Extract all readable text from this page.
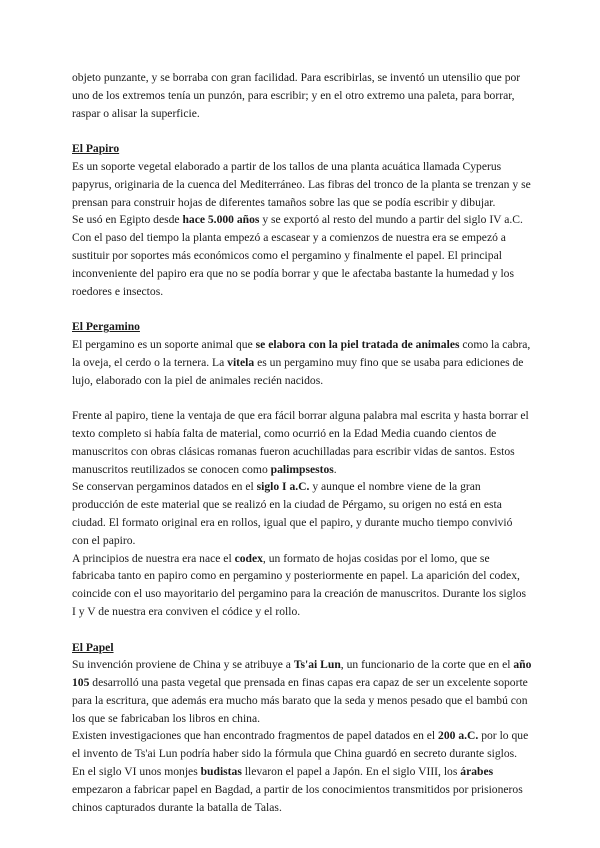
objeto punzante, y se borraba con gran facilidad. Para escribirlas, se inventó un utensilio que por uno de los extremos tenía un punzón, para escribir; y en el otro extremo una paleta, para borrar, raspar o alisar la superficie.

El Papiro

Es un soporte vegetal elaborado a partir de los tallos de una planta acuática llamada Cyperus papyrus, originaria de la cuenca del Mediterráneo. Las fibras del tronco de la planta se trenzan y se prensan para construir hojas de diferentes tamaños sobre las que se podía escribir y dibujar.

Se usó en Egipto desde hace 5.000 años y se exportó al resto del mundo a partir del siglo IV a.C. Con el paso del tiempo la planta empezó a escasear y a comienzos de nuestra era se empezó a sustituir por soportes más económicos como el pergamino y finalmente el papel. El principal inconveniente del papiro era que no se podía borrar y que le afectaba bastante la humedad y los roedores e insectos.

El Pergamino

El pergamino es un soporte animal que se elabora con la piel tratada de animales como la cabra, la oveja, el cerdo o la ternera. La vitela es un pergamino muy fino que se usaba para ediciones de lujo, elaborado con la piel de animales recién nacidos.

Frente al papiro, tiene la ventaja de que era fácil borrar alguna palabra mal escrita y hasta borrar el texto completo si había falta de material, como ocurrió en la Edad Media cuando cientos de manuscritos con obras clásicas romanas fueron acuchilladas para escribir vidas de santos. Estos manuscritos reutilizados se conocen como palimpsestos.

Se conservan pergaminos datados en el siglo I a.C. y aunque el nombre viene de la gran producción de este material que se realizó en la ciudad de Pérgamo, su origen no está en esta ciudad. El formato original era en rollos, igual que el papiro, y durante mucho tiempo convivió con el papiro.

A principios de nuestra era nace el codex, un formato de hojas cosidas por el lomo, que se fabricaba tanto en papiro como en pergamino y posteriormente en papel. La aparición del codex, coincide con el uso mayoritario del pergamino para la creación de manuscritos. Durante los siglos I y V de nuestra era conviven el códice y el rollo.

El Papel

Su invención proviene de China y se atribuye a Ts'ai Lun, un funcionario de la corte que en el año 105 desarrolló una pasta vegetal que prensada en finas capas era capaz de ser un excelente soporte para la escritura, que además era mucho más barato que la seda y menos pesado que el bambú con los que se fabricaban los libros en china.

Existen investigaciones que han encontrado fragmentos de papel datados en el 200 a.C. por lo que el invento de Ts'ai Lun podría haber sido la fórmula que China guardó en secreto durante siglos.

En el siglo VI unos monjes budistas llevaron el papel a Japón. En el siglo VIII, los árabes empezaron a fabricar papel en Bagdad, a partir de los conocimientos transmitidos por prisioneros chinos capturados durante la batalla de Talas.
